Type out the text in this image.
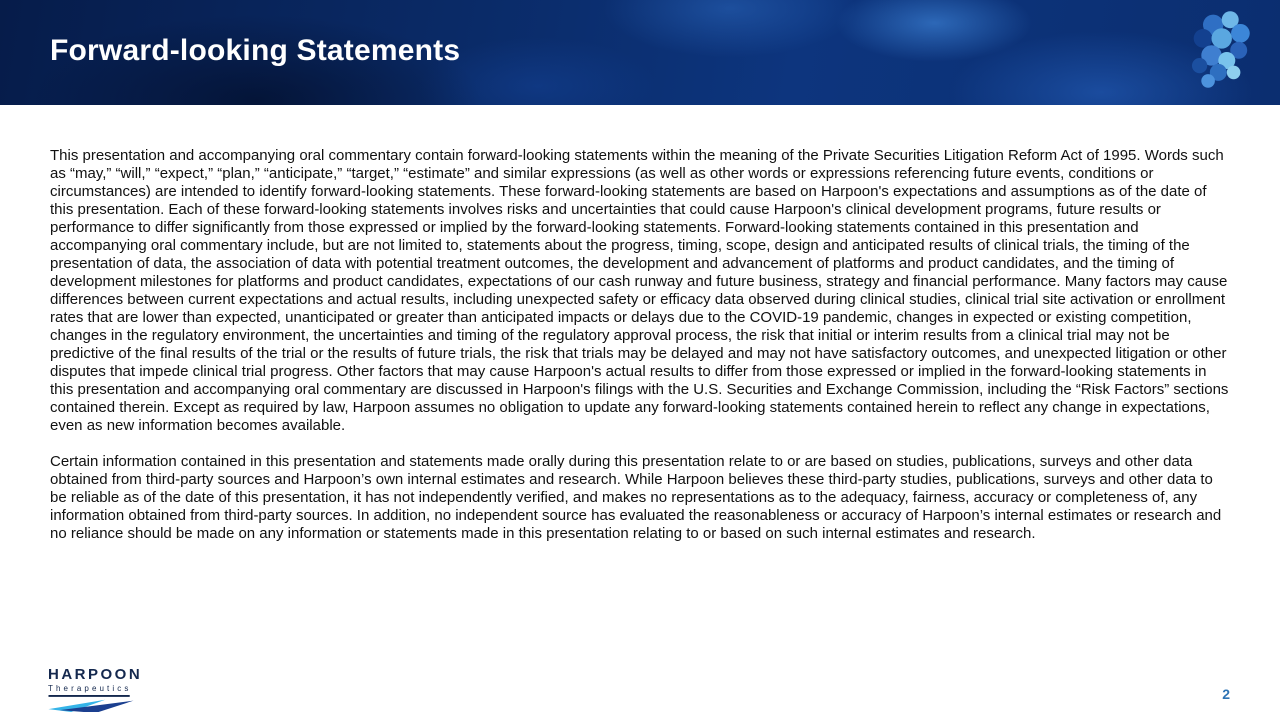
Forward-looking Statements

This presentation and accompanying oral commentary contain forward-looking statements within the meaning of the Private Securities Litigation Reform Act of 1995. Words such as “may,” “will,” “expect,” “plan,” “anticipate,” “target,” “estimate” and similar expressions (as well as other words or expressions referencing future events, conditions or circumstances) are intended to identify forward-looking statements. These forward-looking statements are based on Harpoon's expectations and assumptions as of the date of this presentation. Each of these forward-looking statements involves risks and uncertainties that could cause Harpoon's clinical development programs, future results or performance to differ significantly from those expressed or implied by the forward-looking statements. Forward-looking statements contained in this presentation and accompanying oral commentary include, but are not limited to, statements about the progress, timing, scope, design and anticipated results of clinical trials, the timing of the presentation of data, the association of data with potential treatment outcomes, the development and advancement of platforms and product candidates, and the timing of development milestones for platforms and product candidates, expectations of our cash runway and future business, strategy and financial performance. Many factors may cause differences between current expectations and actual results, including unexpected safety or efficacy data observed during clinical studies, clinical trial site activation or enrollment rates that are lower than expected, unanticipated or greater than anticipated impacts or delays due to the COVID-19 pandemic, changes in expected or existing competition, changes in the regulatory environment, the uncertainties and timing of the regulatory approval process, the risk that initial or interim results from a clinical trial may not be predictive of the final results of the trial or the results of future trials, the risk that trials may be delayed and may not have satisfactory outcomes, and unexpected litigation or other disputes that impede clinical trial progress. Other factors that may cause Harpoon's actual results to differ from those expressed or implied in the forward-looking statements in this presentation and accompanying oral commentary are discussed in Harpoon's filings with the U.S. Securities and Exchange Commission, including the “Risk Factors” sections contained therein. Except as required by law, Harpoon assumes no obligation to update any forward-looking statements contained herein to reflect any change in expectations, even as new information becomes available.

Certain information contained in this presentation and statements made orally during this presentation relate to or are based on studies, publications, surveys and other data obtained from third-party sources and Harpoon’s own internal estimates and research. While Harpoon believes these third-party studies, publications, surveys and other data to be reliable as of the date of this presentation, it has not independently verified, and makes no representations as to the adequacy, fairness, accuracy or completeness of, any information obtained from third-party sources. In addition, no independent source has evaluated the reasonableness or accuracy of Harpoon’s internal estimates or research and no reliance should be made on any information or statements made in this presentation relating to or based on such internal estimates and research.

HARPOON
Therapeutics	2
